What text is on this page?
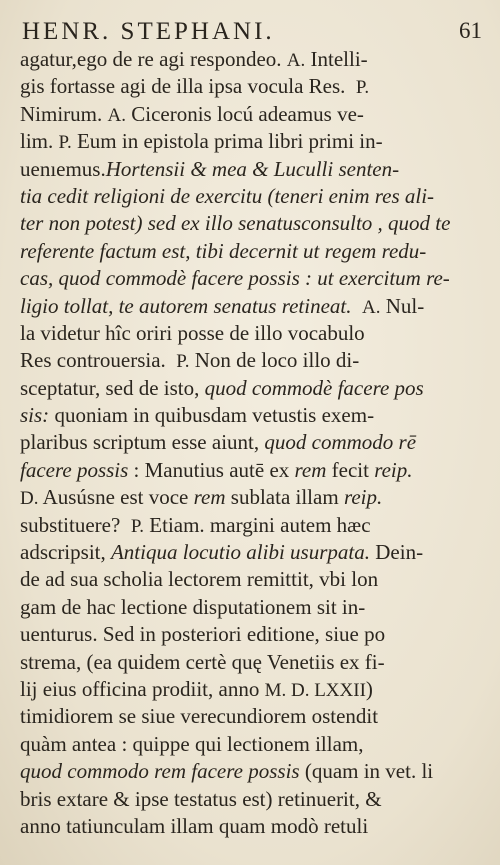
HENR. STEPHANI.	61
agatur,ego de re agi respondeo. A. Intelli-
gis fortasse agi de illa ipsa vocula Res.  P.
Nimirum. A. Ciceronis locú adeamus ve-
lim. P. Eum in epistola prima libri primi in-
uenıemus.Hortensii & mea & Luculli senten-
tia cedit religioni de exercitu (teneri enim res ali-
ter non potest) sed ex illo senatusconsulto , quod te
referente factum est, tibi decernit ut regem redu-
cas, quod commodè facere possis : ut exercitum re-
ligio tollat, te autorem senatus retineat. A. Nul-
la videtur hîc oriri posse de illo vocabulo
Res controuersia.  P. Non de loco illo di-
sceptatur, sed de isto, quod commodè facere pos
sis: quoniam in quibusdam vetustis exem-
plaribus scriptum esse aiunt, quod commodo rē
facere possis : Manutius autē ex rem fecit reip.
D. Ausúsne est voce rem sublata illam reip.
substituere?  P. Etiam. margini autem hæc
adscripsit, Antiqua locutio alibi usurpata. Dein-
de ad sua scholia lectorem remittit, vbi lon
gam de hac lectione disputationem sit in-
uenturus. Sed in posteriori editione, siue po
strema, (ea quidem certè quę Venetiis ex fi-
lij eius officina prodiit, anno M. D. LXXII)
timidiorem se siue verecundiorem ostendit
quàm antea : quippe qui lectionem illam,
quod commodo rem facere possis (quam in vet. li
bris extare & ipse testatus est) retinuerit, &
anno tatiunculam illam quam modò retuli
